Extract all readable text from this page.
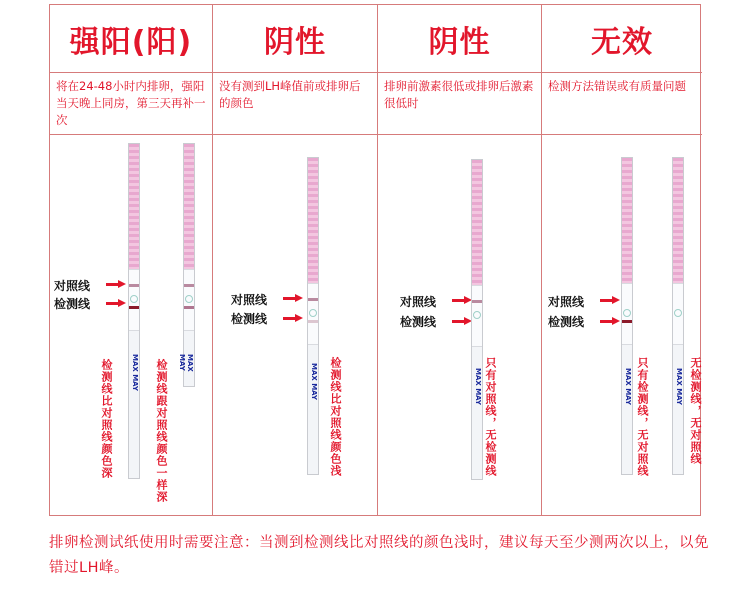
强阳(阳)
将在24-48小时内排卵，强阳当天晚上同房，第三天再补一次
对照线
检测线
MAX MAY
MAX MAY
检测线比对照线颜色深	检测线跟对照线颜色一样深
阴性
没有测到LH峰值前或排卵后的颜色
对照线
检测线
MAX MAY 检测线比对照线颜色浅
阴性
排卵前激素很低或排卵后激素很低时
对照线
检测线
MAX MAY 只有对照线，无检测线
无效
检测方法错误或有质量问题
对照线
检测线
MAX MAY
MAX MAY
只有检测线，无对照线	无检测线，无对照线
排卵检测试纸使用时需要注意：当测到检测线比对照线的颜色浅时，建议每天至少测两次以上，以免错过LH峰。
